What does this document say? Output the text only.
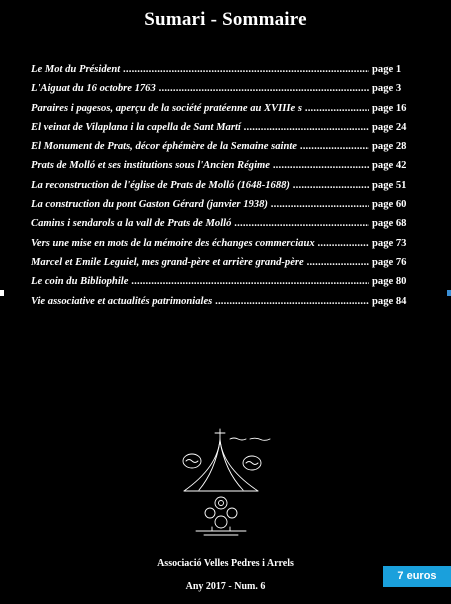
Sumari - Sommaire
Le Mot du Président .....	page 1
L'Aiguat du 16 octobre 1763 .....	page 3
Paraires i pagesos, aperçu de la société pratéenne au XVIIIe s .....	page 16
El veinat de Vilaplana i la capella de Sant Martí .....	page 24
El Monument de Prats, décor éphémère de la Semaine sainte .....	page 28
Prats de Molló et ses institutions sous l'Ancien Régime .....	page 42
La reconstruction de l'église de Prats de Molló (1648-1688) .....	page 51
La construction du pont Gaston Gérard (janvier 1938) .....	page 60
Camins i sendarols a la vall de Prats de Molló .....	page 68
Vers une mise en mots de la mémoire des échanges commerciaux .....	page 73
Marcel et Emile Leguiel, mes grand-père et arrière grand-père .....	page 76
Le coin du Bibliophile .....	page 80
Vie associative et actualités patrimoniales .....	page 84
Associació Velles Pedres i Arrels
Any 2017 - Num. 6
7 euros
